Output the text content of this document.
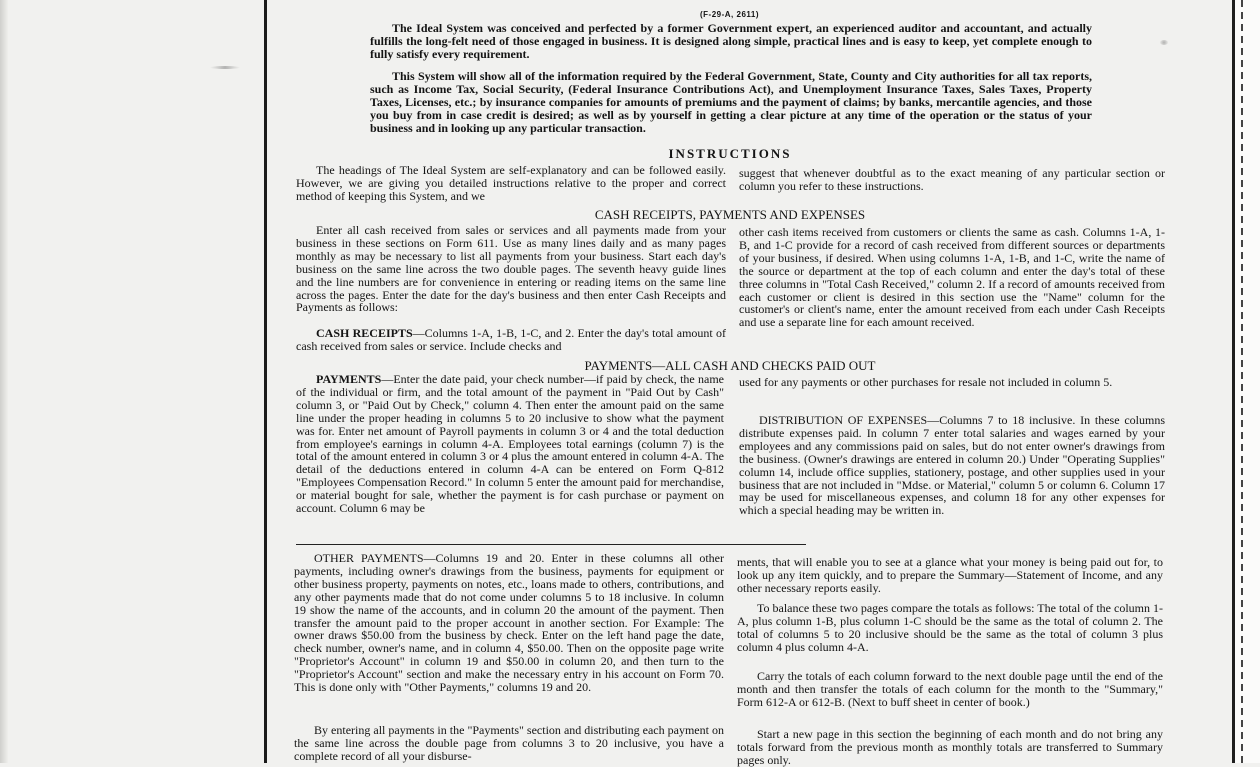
(F-29-A, 2611)

The Ideal System was conceived and perfected by a former Government expert, an experienced auditor and accountant, and actually fulfills the long-felt need of those engaged in business. It is designed along simple, practical lines and is easy to keep, yet complete enough to fully satisfy every requirement.

This System will show all of the information required by the Federal Government, State, County and City authorities for all tax reports, such as Income Tax, Social Security, (Federal Insurance Contributions Act), and Unemployment Insurance Taxes, Sales Taxes, Property Taxes, Licenses, etc.; by insurance companies for amounts of premiums and the payment of claims; by banks, mercantile agencies, and those you buy from in case credit is desired; as well as by yourself in getting a clear picture at any time of the operation or the status of your business and in looking up any particular transaction.

INSTRUCTIONS

The headings of The Ideal System are self-explanatory and can be followed easily. However, we are giving you detailed instructions relative to the proper and correct method of keeping this System, and we

suggest that whenever doubtful as to the exact meaning of any particular section or column you refer to these instructions.

CASH RECEIPTS, PAYMENTS AND EXPENSES

Enter all cash received from sales or services and all payments made from your business in these sections on Form 611. Use as many lines daily and as many pages monthly as may be necessary to list all payments from your business. Start each day's business on the same line across the two double pages. The seventh heavy guide lines and the line numbers are for convenience in entering or reading items on the same line across the pages. Enter the date for the day's business and then enter Cash Receipts and Payments as follows:

CASH RECEIPTS—Columns 1-A, 1-B, 1-C, and 2. Enter the day's total amount of cash received from sales or service. Include checks and

other cash items received from customers or clients the same as cash. Columns 1-A, 1-B, and 1-C provide for a record of cash received from different sources or departments of your business, if desired. When using columns 1-A, 1-B, and 1-C, write the name of the source or department at the top of each column and enter the day's total of these three columns in "Total Cash Received," column 2. If a record of amounts received from each customer or client is desired in this section use the "Name" column for the customer's or client's name, enter the amount received from each under Cash Receipts and use a separate line for each amount received.

PAYMENTS—ALL CASH AND CHECKS PAID OUT

PAYMENTS—Enter the date paid, your check number—if paid by check, the name of the individual or firm, and the total amount of the payment in "Paid Out by Cash" column 3, or "Paid Out by Check," column 4. Then enter the amount paid on the same line under the proper heading in columns 5 to 20 inclusive to show what the payment was for. Enter net amount of Payroll payments in column 3 or 4 and the total deduction from employee's earnings in column 4-A. Employees total earnings (column 7) is the total of the amount entered in column 3 or 4 plus the amount entered in column 4-A. The detail of the deductions entered in column 4-A can be entered on Form Q-812 "Employees Compensation Record." In column 5 enter the amount paid for merchandise, or material bought for sale, whether the payment is for cash purchase or payment on account. Column 6 may be

used for any payments or other purchases for resale not included in column 5.

DISTRIBUTION OF EXPENSES—Columns 7 to 18 inclusive. In these columns distribute expenses paid. In column 7 enter total salaries and wages earned by your employees and any commissions paid on sales, but do not enter owner's drawings from the business. (Owner's drawings are entered in column 20.) Under "Operating Supplies" column 14, include office supplies, stationery, postage, and other supplies used in your business that are not included in "Mdse. or Material," column 5 or column 6. Column 17 may be used for miscellaneous expenses, and column 18 for any other expenses for which a special heading may be written in.

OTHER PAYMENTS—Columns 19 and 20. Enter in these columns all other payments, including owner's drawings from the business, payments for equipment or other business property, payments on notes, etc., loans made to others, contributions, and any other payments made that do not come under columns 5 to 18 inclusive. In column 19 show the name of the accounts, and in column 20 the amount of the payment. Then transfer the amount paid to the proper account in another section. For Example: The owner draws $50.00 from the business by check. Enter on the left hand page the date, check number, owner's name, and in column 4, $50.00. Then on the opposite page write "Proprietor's Account" in column 19 and $50.00 in column 20, and then turn to the "Proprietor's Account" section and make the necessary entry in his account on Form 70. This is done only with "Other Payments," columns 19 and 20.

By entering all payments in the "Payments" section and distributing each payment on the same line across the double page from columns 3 to 20 inclusive, you have a complete record of all your disburse-

ments, that will enable you to see at a glance what your money is being paid out for, to look up any item quickly, and to prepare the Summary—Statement of Income, and any other necessary reports easily.

To balance these two pages compare the totals as follows: The total of the column 1-A, plus column 1-B, plus column 1-C should be the same as the total of column 2. The total of columns 5 to 20 inclusive should be the same as the total of column 3 plus column 4 plus column 4-A.

Carry the totals of each column forward to the next double page until the end of the month and then transfer the totals of each column for the month to the "Summary," Form 612-A or 612-B. (Next to buff sheet in center of book.)

Start a new page in this section the beginning of each month and do not bring any totals forward from the previous month as monthly totals are transferred to Summary pages only.
